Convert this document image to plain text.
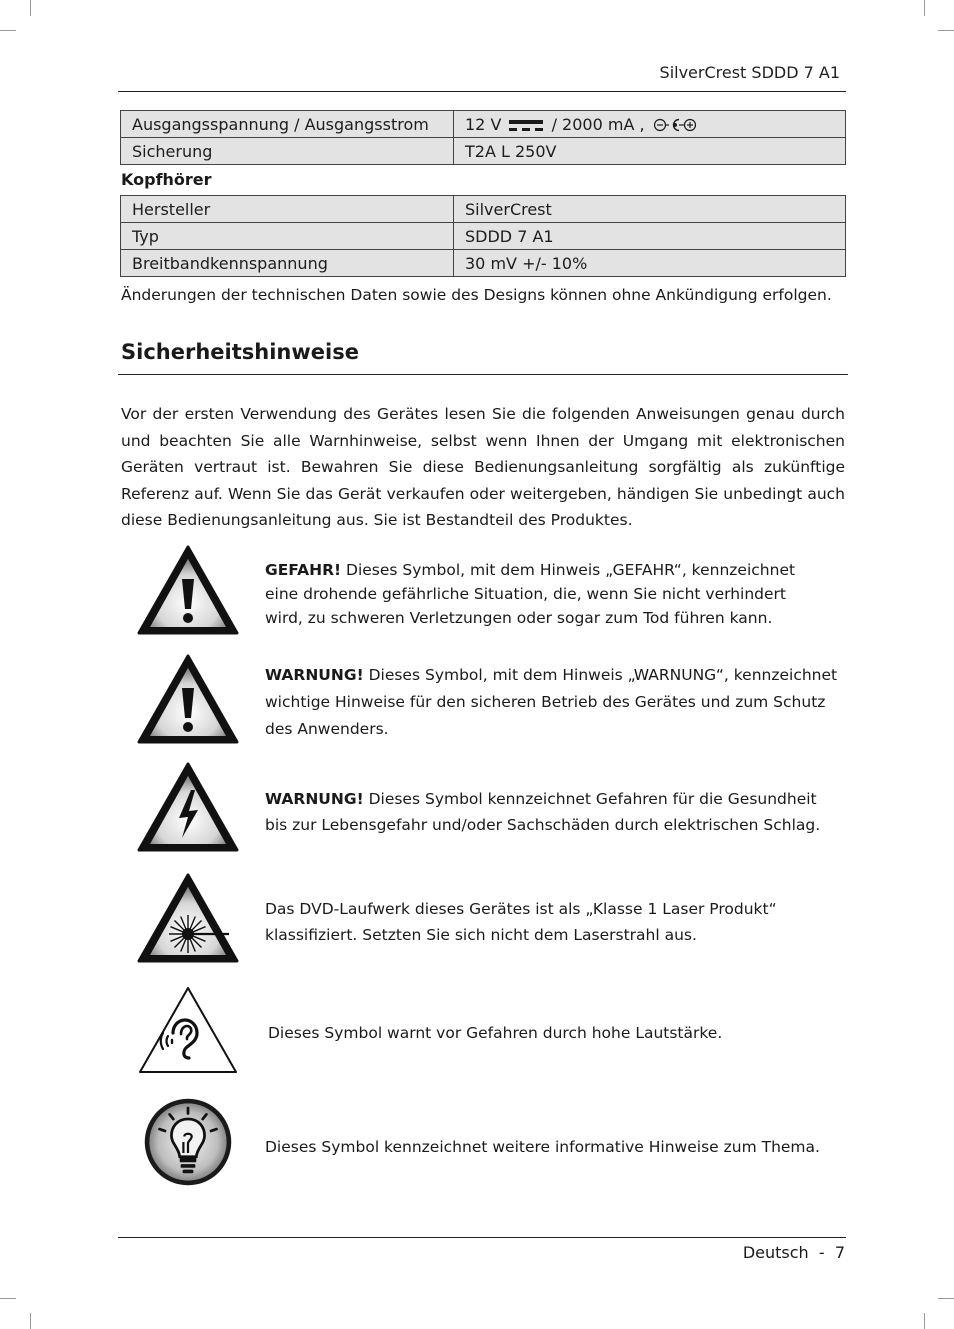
SilverCrest SDDD 7 A1
Ausgangsspannung / Ausgangsstrom	12 V / 2000 mA ,
Sicherung	T2A L 250V
Kopfhörer
Hersteller	SilverCrest
Typ	SDDD 7 A1
Breitbandkennspannung	30 mV +/- 10%
Änderungen der technischen Daten sowie des Designs können ohne Ankündigung erfolgen.
Sicherheitshinweise

Vor der ersten Verwendung des Gerätes lesen Sie die folgenden Anweisungen genau durch und beachten Sie alle Warnhinweise, selbst wenn Ihnen der Umgang mit elektronischen Geräten vertraut ist. Bewahren Sie diese Bedienungsanleitung sorgfältig als zukünftige Referenz auf. Wenn Sie das Gerät verkaufen oder weitergeben, händigen Sie unbedingt auch diese Bedienungsanleitung aus. Sie ist Bestandteil des Produktes.

GEFAHR! Dieses Symbol, mit dem Hinweis „GEFAHR“, kennzeichnet eine drohende gefährliche Situation, die, wenn Sie nicht verhindert wird, zu schweren Verletzungen oder sogar zum Tod führen kann.

WARNUNG! Dieses Symbol, mit dem Hinweis „WARNUNG“, kennzeichnet wichtige Hinweise für den sicheren Betrieb des Gerätes und zum Schutz des Anwenders.

WARNUNG! Dieses Symbol kennzeichnet Gefahren für die Gesundheit bis zur Lebensgefahr und/oder Sachschäden durch elektrischen Schlag.

Das DVD-Laufwerk dieses Gerätes ist als „Klasse 1 Laser Produkt“ klassifiziert. Setzten Sie sich nicht dem Laserstrahl aus.

Dieses Symbol warnt vor Gefahren durch hohe Lautstärke.

Dieses Symbol kennzeichnet weitere informative Hinweise zum Thema.

Deutsch - 7
